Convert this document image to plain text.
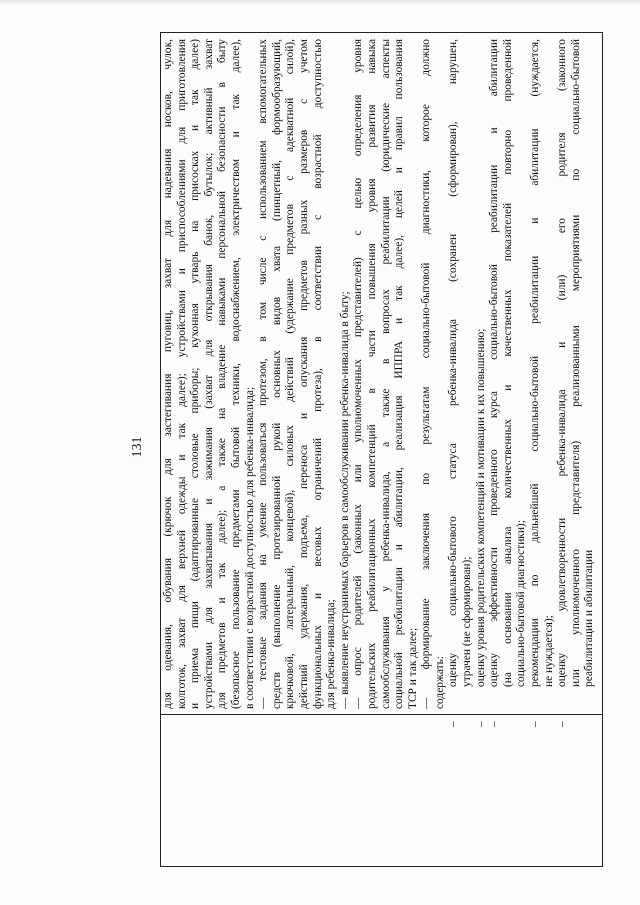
131 для одевания, обувания (крючок для застегивания пуговиц, захват для надевания носков, чулок, колготок, захват для верхней одежды и так далее); устройствами и приспособлениями для приготовления и приема пищи (адаптированные столовые приборы; кухонная утварь на присосках и так далее) устройствами для захватывания и зажимания (захват для открывания банок, бутылок; активный захват для предметов и так далее); а также на владение навыками персональной безопасности в быту (безопасное пользование предметами бытовой техники, водоснабжением, электричеством и так далее), в соответствии с возрастной доступностью для ребенка-инвалида; — тестовые задания на умение пользоваться протезом, в том числе с использованием вспомогательных средств (выполнение протезированной рукой основных видов хвата (пинцетный, формообразующий, крючковой, латеральный, концевой), силовых действий (удержание предметов с адекватной силой), действий удержания, подъема, переноса и опускания предметов разных размеров с учетом функциональных и весовых ограничений протеза), в соответствии с возрастной доступностью для ребенка-инвалида; — выявление неустранимых барьеров в самообслуживании ребенка-инвалида в быту; — опрос родителей (законных или уполномоченных представителей) с целью определения уровня родительских реабилитационных компетенций в части повышения уровня развития навыка самообслуживания у ребенка-инвалида, а также в вопросах реабилитации (юридические аспекты социальной реабилитации и абилитации, реализация ИППРА и так далее), целей и правил пользования ТСР и так далее; — формирование заключения по результатам социально-бытовой диагностики, которое должно содержать:
–
оценку социально-бытового статуса ребенка-инвалида (сохранен (сформирован), нарушен, утрачен (не сформирован);
–
оценку уровня родительских компетенций и мотивации к их повышению;
–
оценку эффективности проведенного курса социально-бытовой реабилитации и абилитации (на основании анализа количественных и качественных показателей повторно проведенной социально-бытовой диагностики);
–
рекомендации по дальнейшей социально-бытовой реабилитации и абилитации (нуждается, не нуждается);
–
оценку удовлетворенности ребенка-инвалида и (или) его родителя (законного или уполномоченного представителя) реализованными мероприятиями по социально-бытовой реабилитации и абилитации
